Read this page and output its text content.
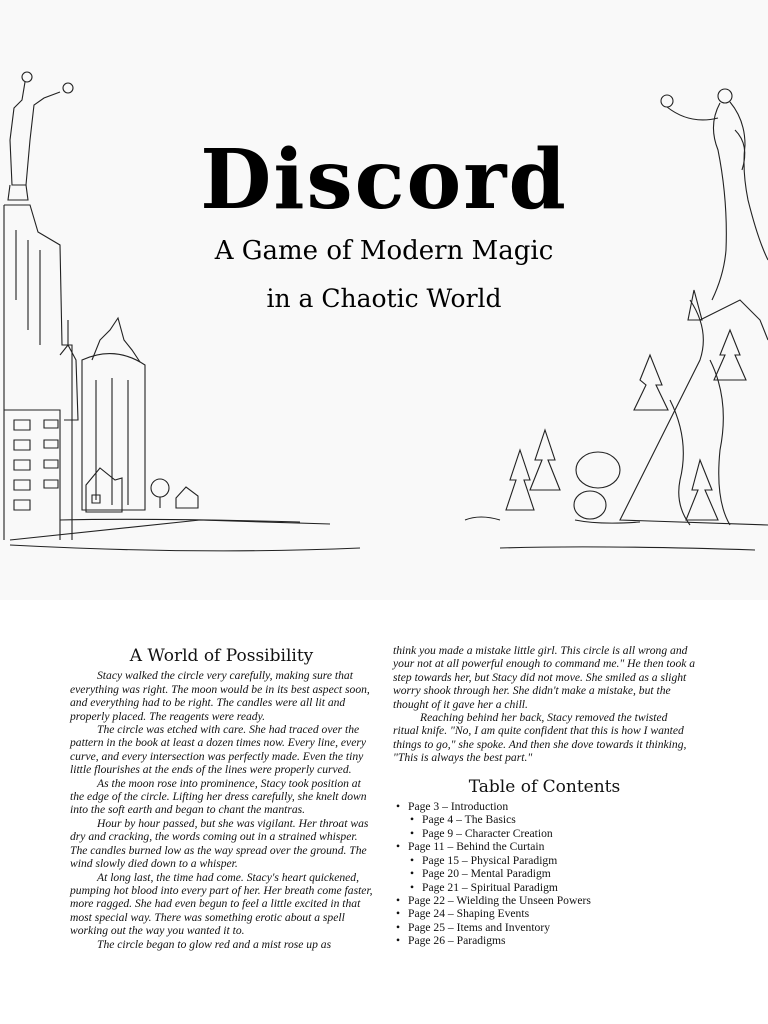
Discord
A Game of Modern Magic
in a Chaotic World
A World of Possibility

Stacy walked the circle very carefully, making sure that everything was right. The moon would be in its best aspect soon, and everything had to be right. The candles were all lit and properly placed. The reagents were ready.

The circle was etched with care. She had traced over the pattern in the book at least a dozen times now. Every line, every curve, and every intersection was perfectly made. Even the tiny little flourishes at the ends of the lines were properly curved.

As the moon rose into prominence, Stacy took position at the edge of the circle. Lifting her dress carefully, she knelt down into the soft earth and began to chant the mantras.

Hour by hour passed, but she was vigilant. Her throat was dry and cracking, the words coming out in a strained whisper. The candles burned low as the way spread over the ground. The wind slowly died down to a whisper.

At long last, the time had come. Stacy's heart quickened, pumping hot blood into every part of her. Her breath come faster, more ragged. She had even begun to feel a little excited in that most special way. There was something erotic about a spell working out the way you wanted it to.

The circle began to glow red and a mist rose up as

think you made a mistake little girl. This circle is all wrong and your not at all powerful enough to command me." He then took a step towards her, but Stacy did not move. She smiled as a slight worry shook through her. She didn't make a mistake, but the thought of it gave her a chill.

Reaching behind her back, Stacy removed the twisted ritual knife. "No, I am quite confident that this is how I wanted things to go," she spoke. And then she dove towards it thinking, "This is always the best part."

Table of Contents
• Page 3 – Introduction
• Page 4 – The Basics
• Page 9 – Character Creation
• Page 11 – Behind the Curtain
• Page 15 – Physical Paradigm
• Page 20 – Mental Paradigm
• Page 21 – Spiritual Paradigm
• Page 22 – Wielding the Unseen Powers
• Page 24 – Shaping Events
• Page 25 – Items and Inventory
• Page 26 – Paradigms
